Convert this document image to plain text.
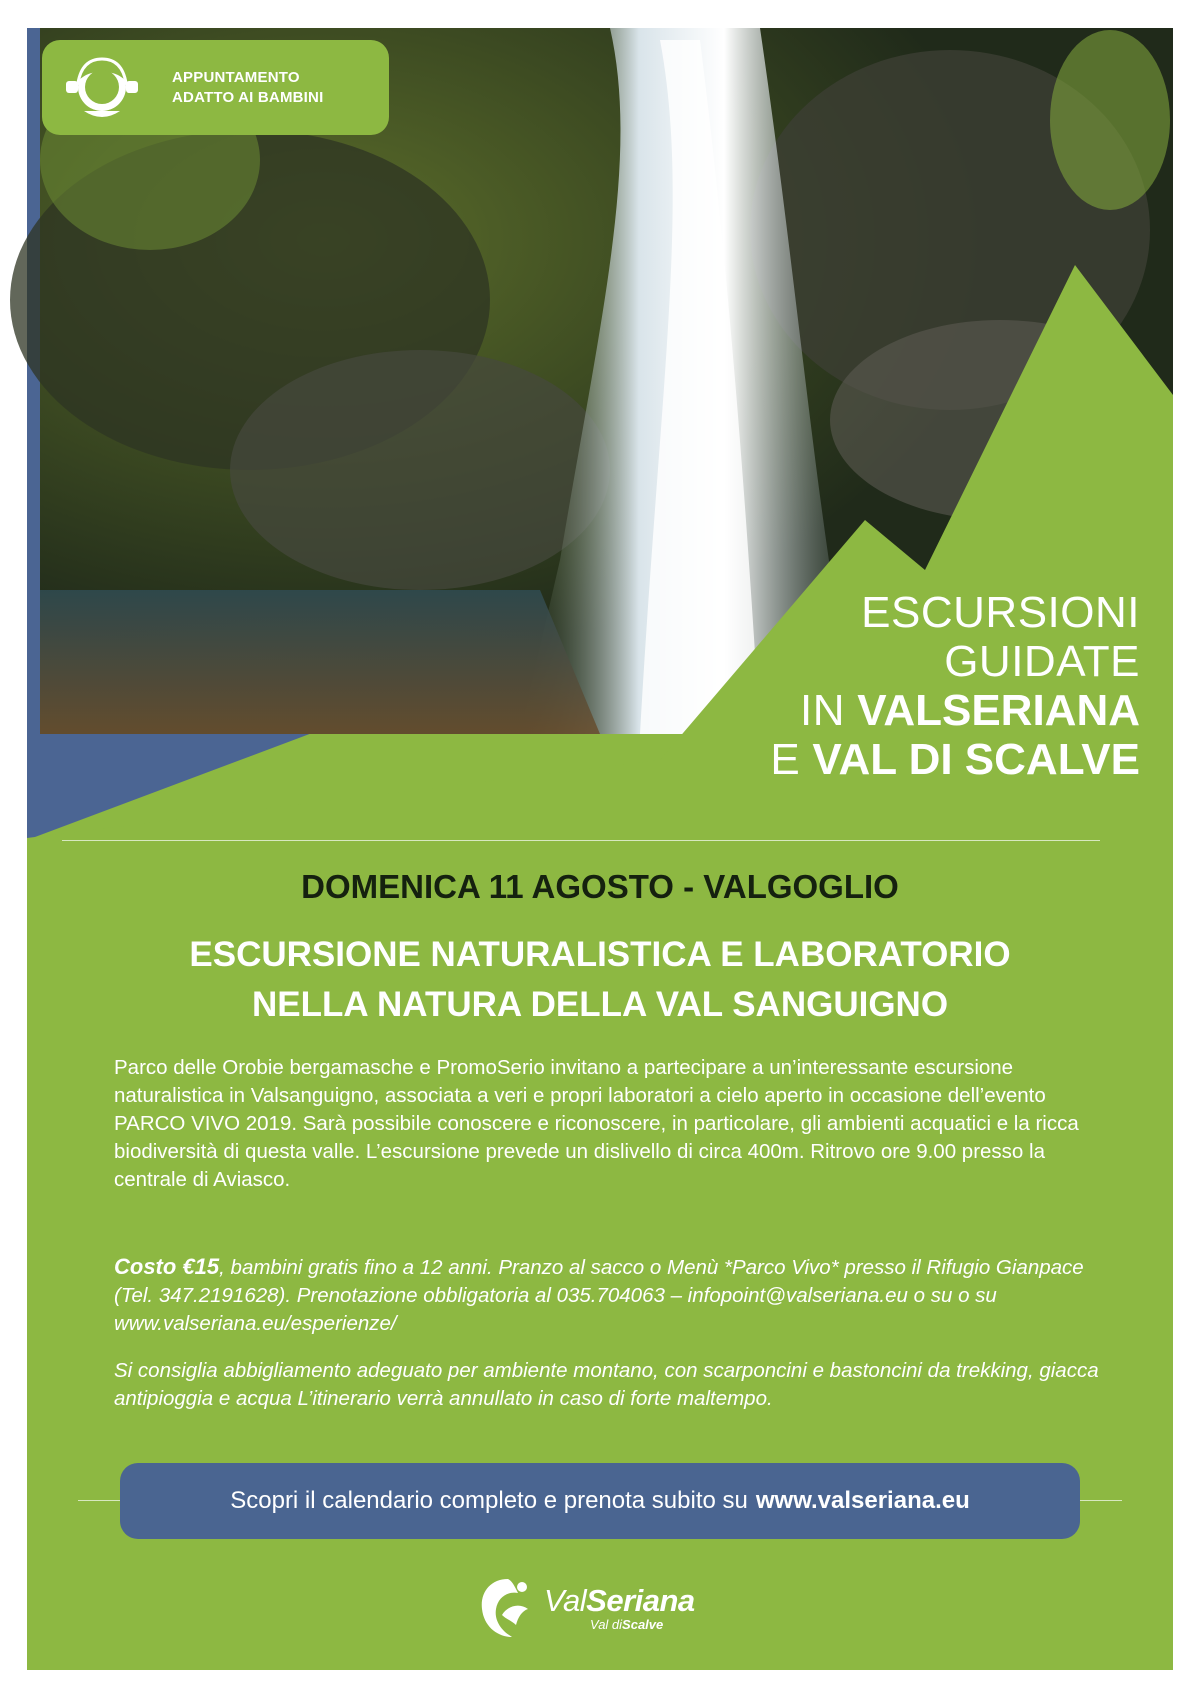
APPUNTAMENTO
ADATTO AI BAMBINI
ESCURSIONI
GUIDATE
IN VALSERIANA
E VAL DI SCALVE
DOMENICA 11 AGOSTO - VALGOGLIO
ESCURSIONE NATURALISTICA E LABORATORIO
NELLA NATURA DELLA VAL SANGUIGNO
Parco delle Orobie bergamasche e PromoSerio invitano a partecipare a un’interessante escursione naturalistica in Valsanguigno, associata a veri e propri laboratori a cielo aperto in occasione dell’evento PARCO VIVO 2019. Sarà possibile conoscere e riconoscere, in particolare, gli ambienti acquatici e la ricca biodiversità di questa valle. L’escursione prevede un dislivello di circa 400m. Ritrovo ore 9.00 presso la centrale di Aviasco.
Costo €15, bambini gratis fino a 12 anni. Pranzo al sacco o Menù *Parco Vivo* presso il Rifugio Gianpace (Tel. 347.2191628). Prenotazione obbligatoria al 035.704063 – infopoint@valseriana.eu o su o su www.valseriana.eu/esperienze/
Si consiglia abbigliamento adeguato per ambiente montano, con scarponcini e bastoncini da trekking, giacca antipioggia e acqua L’itinerario verrà annullato in caso di forte maltempo.
Scopri il calendario completo e prenota subito su www.valseriana.eu
ValSeriana
Val diScalve
